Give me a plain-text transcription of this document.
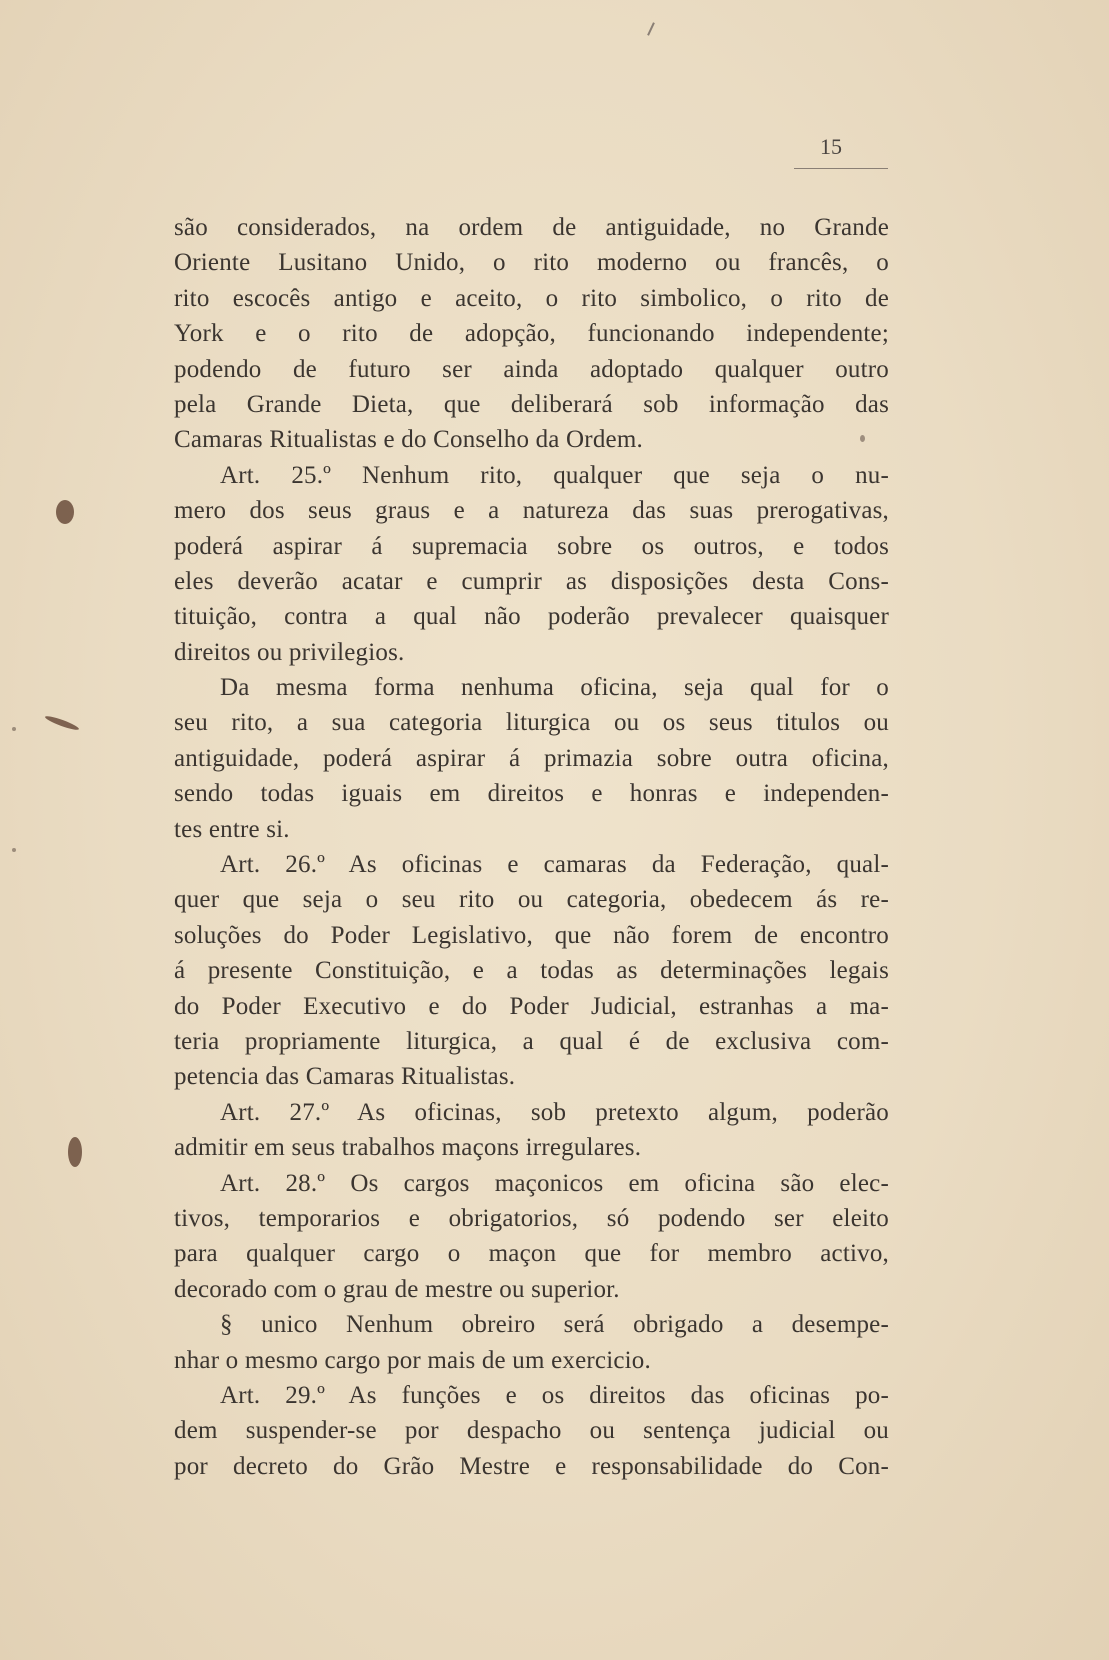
15
são considerados, na ordem de antiguidade, no Grande
Oriente Lusitano Unido, o rito moderno ou francês, o
rito escocês antigo e aceito, o rito simbolico, o rito de
York e o rito de adopção, funcionando independente;
podendo de futuro ser ainda adoptado qualquer outro
pela Grande Dieta, que deliberará sob informação das
Camaras Ritualistas e do Conselho da Ordem.
Art. 25.º Nenhum rito, qualquer que seja o nu-
mero dos seus graus e a natureza das suas prerogativas,
poderá aspirar á supremacia sobre os outros, e todos
eles deverão acatar e cumprir as disposições desta Cons-
tituição, contra a qual não poderão prevalecer quaisquer
direitos ou privilegios.
Da mesma forma nenhuma oficina, seja qual for o
seu rito, a sua categoria liturgica ou os seus titulos ou
antiguidade, poderá aspirar á primazia sobre outra oficina,
sendo todas iguais em direitos e honras e independen-
tes entre si.
Art. 26.º As oficinas e camaras da Federação, qual-
quer que seja o seu rito ou categoria, obedecem ás re-
soluções do Poder Legislativo, que não forem de encontro
á presente Constituição, e a todas as determinações legais
do Poder Executivo e do Poder Judicial, estranhas a ma-
teria propriamente liturgica, a qual é de exclusiva com-
petencia das Camaras Ritualistas.
Art. 27.º As oficinas, sob pretexto algum, poderão
admitir em seus trabalhos maçons irregulares.
Art. 28.º Os cargos maçonicos em oficina são elec-
tivos, temporarios e obrigatorios, só podendo ser eleito
para qualquer cargo o maçon que for membro activo,
decorado com o grau de mestre ou superior.
§ unico Nenhum obreiro será obrigado a desempe-
nhar o mesmo cargo por mais de um exercicio.
Art. 29.º As funções e os direitos das oficinas po-
dem suspender-se por despacho ou sentença judicial ou
por decreto do Grão Mestre e responsabilidade do Con-
